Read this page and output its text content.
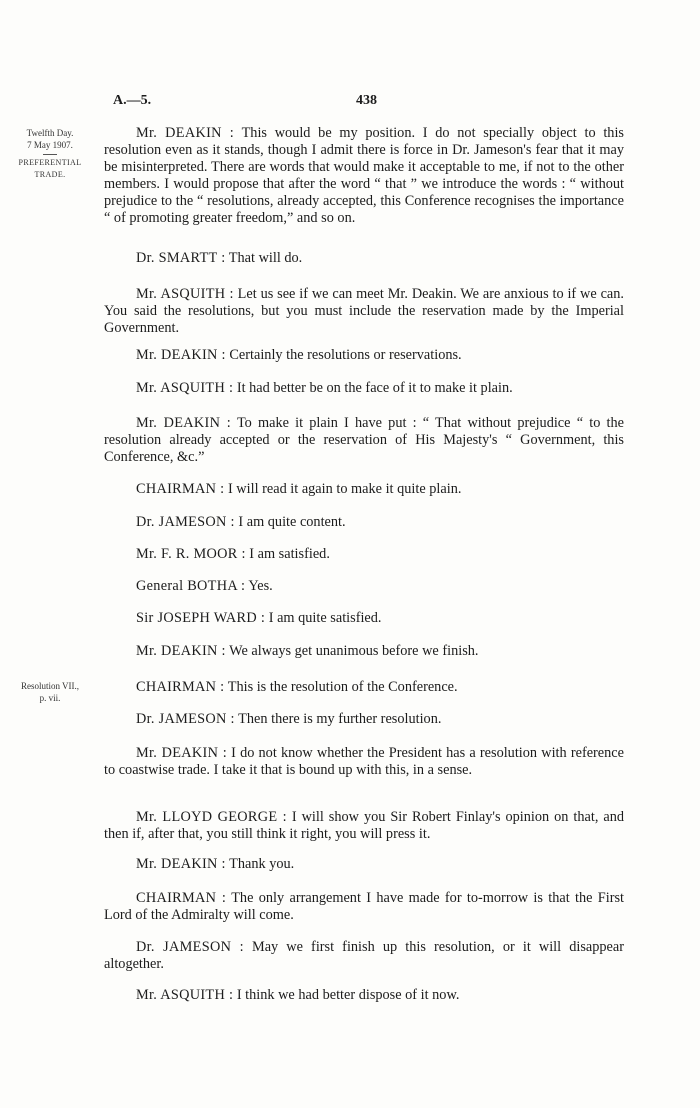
A.—5.	438
Twelfth Day.
7 May 1907.
PREFERENTIAL
TRADE.
Resolution VII.,
p. vii.

Mr. DEAKIN : This would be my position. I do not specially object to this resolution even as it stands, though I admit there is force in Dr. Jameson's fear that it may be misinterpreted. There are words that would make it acceptable to me, if not to the other members. I would propose that after the word “ that ” we introduce the words : “ without prejudice to the “ resolutions, already accepted, this Conference recognises the importance “ of promoting greater freedom,” and so on.

Dr. SMARTT : That will do.

Mr. ASQUITH : Let us see if we can meet Mr. Deakin. We are anxious to if we can. You said the resolutions, but you must include the reservation made by the Imperial Government.

Mr. DEAKIN : Certainly the resolutions or reservations.

Mr. ASQUITH : It had better be on the face of it to make it plain.

Mr. DEAKIN : To make it plain I have put : “ That without prejudice “ to the resolution already accepted or the reservation of His Majesty's “ Government, this Conference, &c.”

CHAIRMAN : I will read it again to make it quite plain.

Dr. JAMESON : I am quite content.

Mr. F. R. MOOR : I am satisfied.

General BOTHA : Yes.

Sir JOSEPH WARD : I am quite satisfied.

Mr. DEAKIN : We always get unanimous before we finish.

CHAIRMAN : This is the resolution of the Conference.

Dr. JAMESON : Then there is my further resolution.

Mr. DEAKIN : I do not know whether the President has a resolution with reference to coastwise trade. I take it that is bound up with this, in a sense.

Mr. LLOYD GEORGE : I will show you Sir Robert Finlay's opinion on that, and then if, after that, you still think it right, you will press it.

Mr. DEAKIN : Thank you.

CHAIRMAN : The only arrangement I have made for to-morrow is that the First Lord of the Admiralty will come.

Dr. JAMESON : May we first finish up this resolution, or it will disappear altogether.

Mr. ASQUITH : I think we had better dispose of it now.
